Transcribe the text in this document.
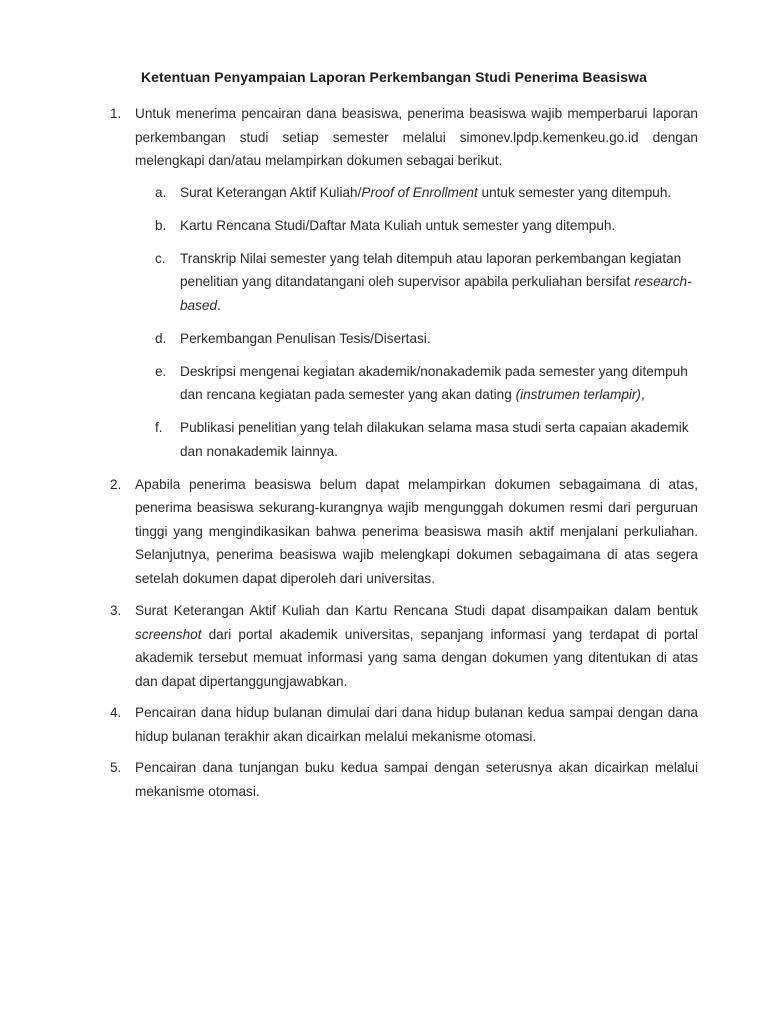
Ketentuan Penyampaian Laporan Perkembangan Studi Penerima Beasiswa
1. Untuk menerima pencairan dana beasiswa, penerima beasiswa wajib memperbarui laporan perkembangan studi setiap semester melalui simonev.lpdp.kemenkeu.go.id dengan melengkapi dan/atau melampirkan dokumen sebagai berikut.
a. Surat Keterangan Aktif Kuliah/Proof of Enrollment untuk semester yang ditempuh.
b. Kartu Rencana Studi/Daftar Mata Kuliah untuk semester yang ditempuh.
c. Transkrip Nilai semester yang telah ditempuh atau laporan perkembangan kegiatan penelitian yang ditandatangani oleh supervisor apabila perkuliahan bersifat research-based.
d. Perkembangan Penulisan Tesis/Disertasi.
e. Deskripsi mengenai kegiatan akademik/nonakademik pada semester yang ditempuh dan rencana kegiatan pada semester yang akan dating (instrumen terlampir),
f. Publikasi penelitian yang telah dilakukan selama masa studi serta capaian akademik dan nonakademik lainnya.
2. Apabila penerima beasiswa belum dapat melampirkan dokumen sebagaimana di atas, penerima beasiswa sekurang-kurangnya wajib mengunggah dokumen resmi dari perguruan tinggi yang mengindikasikan bahwa penerima beasiswa masih aktif menjalani perkuliahan. Selanjutnya, penerima beasiswa wajib melengkapi dokumen sebagaimana di atas segera setelah dokumen dapat diperoleh dari universitas.
3. Surat Keterangan Aktif Kuliah dan Kartu Rencana Studi dapat disampaikan dalam bentuk screenshot dari portal akademik universitas, sepanjang informasi yang terdapat di portal akademik tersebut memuat informasi yang sama dengan dokumen yang ditentukan di atas dan dapat dipertanggungjawabkan.
4. Pencairan dana hidup bulanan dimulai dari dana hidup bulanan kedua sampai dengan dana hidup bulanan terakhir akan dicairkan melalui mekanisme otomasi.
5. Pencairan dana tunjangan buku kedua sampai dengan seterusnya akan dicairkan melalui mekanisme otomasi.
